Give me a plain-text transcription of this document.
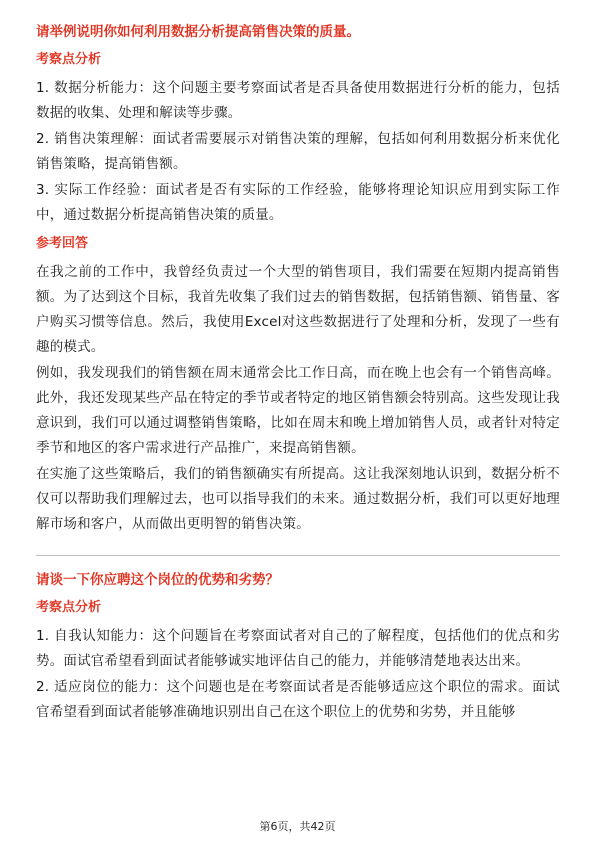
请举例说明你如何利用数据分析提高销售决策的质量。
考察点分析
1. 数据分析能力：这个问题主要考察面试者是否具备使用数据进行分析的能力，包括数据的收集、处理和解读等步骤。
2. 销售决策理解：面试者需要展示对销售决策的理解，包括如何利用数据分析来优化销售策略，提高销售额。
3. 实际工作经验：面试者是否有实际的工作经验，能够将理论知识应用到实际工作中，通过数据分析提高销售决策的质量。
参考回答
在我之前的工作中，我曾经负责过一个大型的销售项目，我们需要在短期内提高销售额。为了达到这个目标，我首先收集了我们过去的销售数据，包括销售额、销售量、客户购买习惯等信息。然后，我使用Excel对这些数据进行了处理和分析，发现了一些有趣的模式。
例如，我发现我们的销售额在周末通常会比工作日高，而在晚上也会有一个销售高峰。此外，我还发现某些产品在特定的季节或者特定的地区销售额会特别高。这些发现让我意识到，我们可以通过调整销售策略，比如在周末和晚上增加销售人员，或者针对特定季节和地区的客户需求进行产品推广，来提高销售额。
在实施了这些策略后，我们的销售额确实有所提高。这让我深刻地认识到，数据分析不仅可以帮助我们理解过去，也可以指导我们的未来。通过数据分析，我们可以更好地理解市场和客户，从而做出更明智的销售决策。
请谈一下你应聘这个岗位的优势和劣势？
考察点分析
1. 自我认知能力：这个问题旨在考察面试者对自己的了解程度，包括他们的优点和劣势。面试官希望看到面试者能够诚实地评估自己的能力，并能够清楚地表达出来。
2. 适应岗位的能力：这个问题也是在考察面试者是否能够适应这个职位的需求。面试官希望看到面试者能够准确地识别出自己在这个职位上的优势和劣势，并且能够
第6页，共42页
